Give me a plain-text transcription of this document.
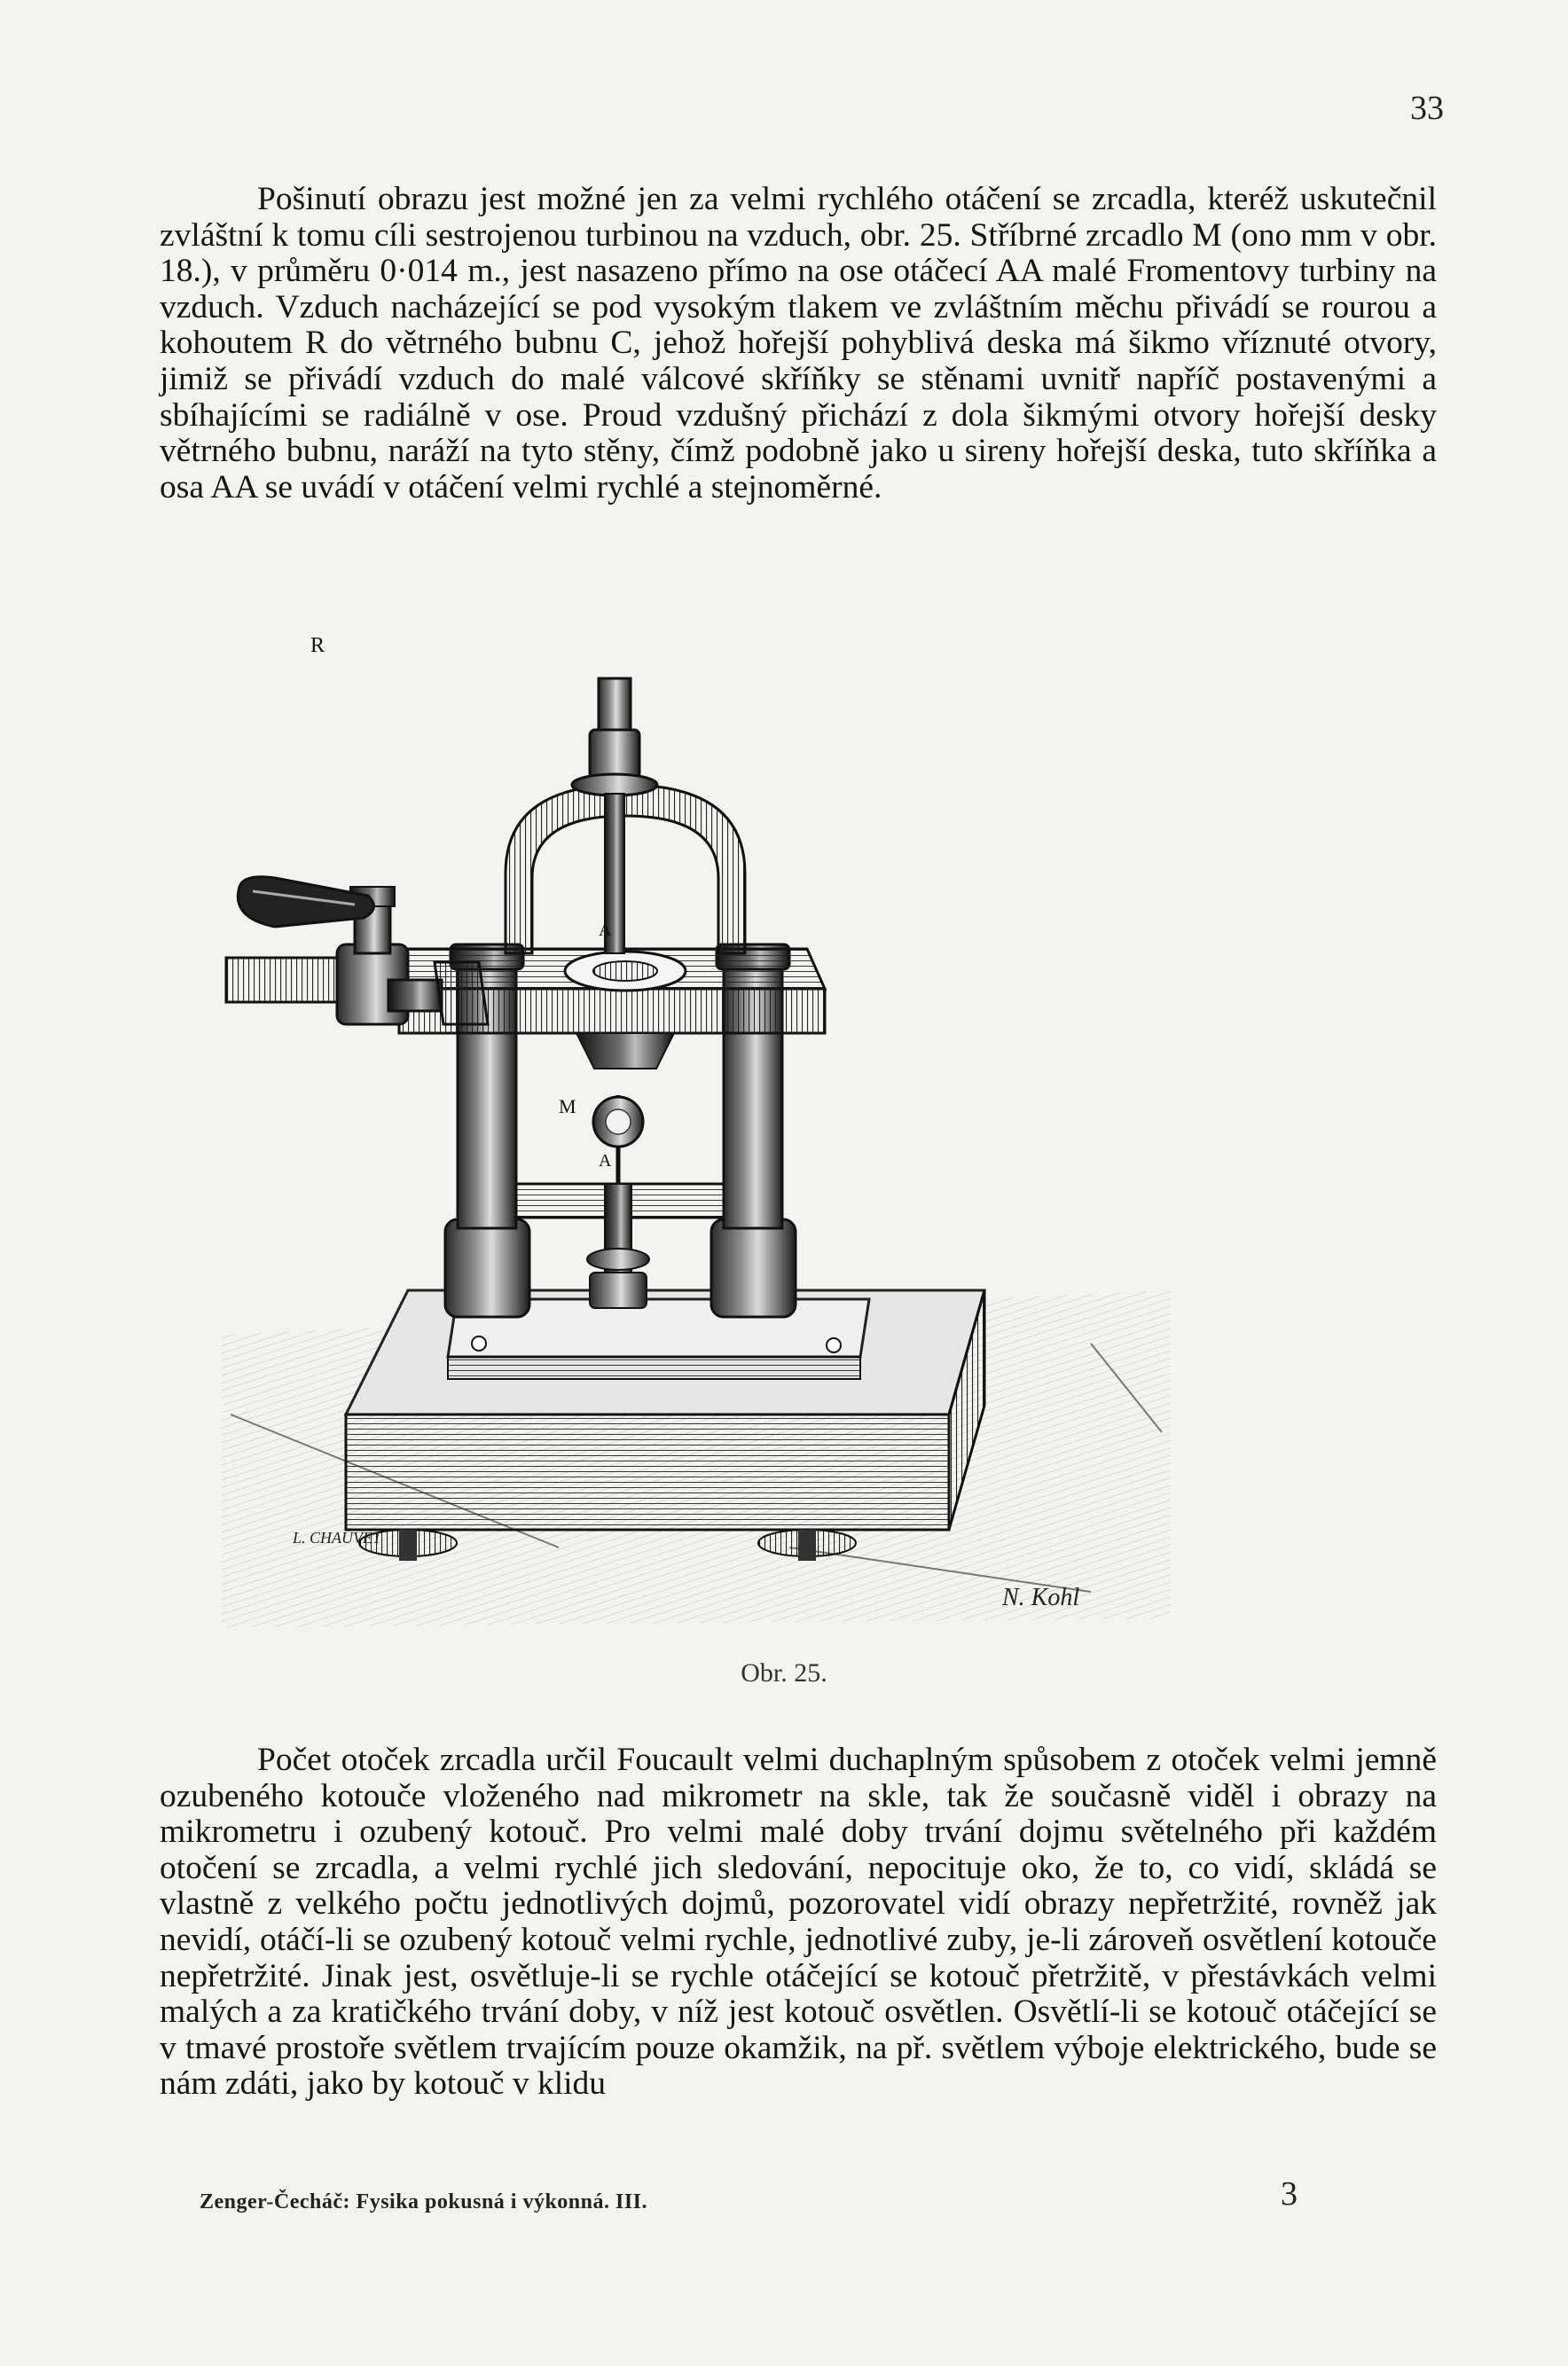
33

Pošinutí obrazu jest možné jen za velmi rychlého otáčení se zrcadla, kteréž uskutečnil zvláštní k tomu cíli sestrojenou turbinou na vzduch, obr. 25. Stříbrné zrcadlo M (ono mm v obr. 18.), v průměru 0·014 m., jest nasazeno přímo na ose otáčecí AA malé Fromentovy turbiny na vzduch. Vzduch nacházející se pod vysokým tlakem ve zvláštním měchu přivádí se rourou a kohoutem R do větrného bubnu C, jehož hořejší pohyblivá deska má šikmo vříznuté otvory, jimiž se přivádí vzduch do malé válcové skříňky se stěnami uvnitř napříč postavenými a sbíhajícími se radiálně v ose. Proud vzdušný přichází z dola šikmými otvory hořejší desky větrného bubnu, naráží na tyto stěny, čímž podobně jako u sireny hořejší deska, tuto skříňka a osa AA se uvádí v otáčení velmi rychlé a stejnoměrné.

R
A
M
A
L. CHAUVET
N. Kohl
Obr. 25.

Počet otoček zrcadla určil Foucault velmi duchaplným spůsobem z otoček velmi jemně ozubeného kotouče vloženého nad mikrometr na skle, tak že současně viděl i obrazy na mikrometru i ozubený kotouč. Pro velmi malé doby trvání dojmu světelného při každém otočení se zrcadla, a velmi rychlé jich sledování, nepocituje oko, že to, co vidí, skládá se vlastně z velkého počtu jednotlivých dojmů, pozorovatel vidí obrazy nepřetržité, rovněž jak nevidí, otáčí-li se ozubený kotouč velmi rychle, jednotlivé zuby, je-li zároveň osvětlení kotouče nepřetržité. Jinak jest, osvětluje-li se rychle otáčející se kotouč přetržitě, v přestávkách velmi malých a za kratičkého trvání doby, v níž jest kotouč osvětlen. Osvětlí-li se kotouč otáčející se v tmavé prostoře světlem trvajícím pouze okamžik, na př. světlem výboje elektrického, bude se nám zdáti, jako by kotouč v klidu

Zenger-Čecháč: Fysika pokusná i výkonná. III.	3
